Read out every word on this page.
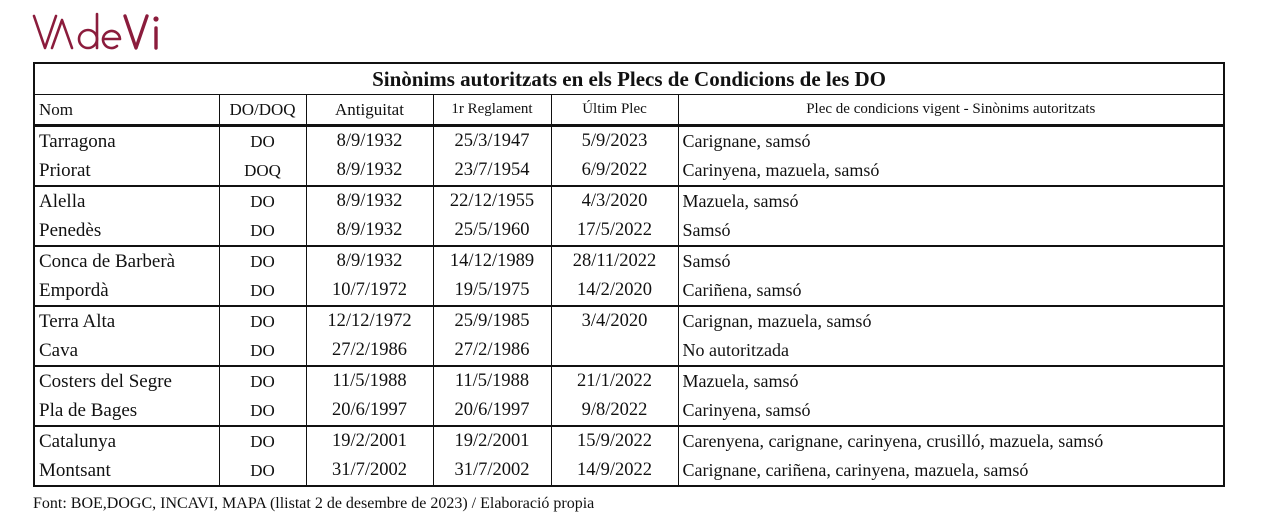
Sinònims autoritzats en els Plecs de Condicions de les DO					
Nom	DO/DOQ	Antiguitat	1r Reglament	Últim Plec	Plec de condicions vigent - Sinònims autoritzats
Tarragona	DO	8/9/1932	25/3/1947	5/9/2023	Carignane, samsó
Priorat	DOQ	8/9/1932	23/7/1954	6/9/2022	Carinyena, mazuela, samsó
Alella	DO	8/9/1932	22/12/1955	4/3/2020	Mazuela, samsó
Penedès	DO	8/9/1932	25/5/1960	17/5/2022	Samsó
Conca de Barberà	DO	8/9/1932	14/12/1989	28/11/2022	Samsó
Empordà	DO	10/7/1972	19/5/1975	14/2/2020	Cariñena, samsó
Terra Alta	DO	12/12/1972	25/9/1985	3/4/2020	Carignan, mazuela, samsó
Cava	DO	27/2/1986	27/2/1986		No autoritzada
Costers del Segre	DO	11/5/1988	11/5/1988	21/1/2022	Mazuela, samsó
Pla de Bages	DO	20/6/1997	20/6/1997	9/8/2022	Carinyena, samsó
Catalunya	DO	19/2/2001	19/2/2001	15/9/2022	Carenyena, carignane, carinyena, crusilló, mazuela, samsó
Montsant	DO	31/7/2002	31/7/2002	14/9/2022	Carignane, cariñena, carinyena, mazuela, samsó
Font: BOE,DOGC, INCAVI, MAPA (llistat 2 de desembre de 2023) / Elaboració propia
